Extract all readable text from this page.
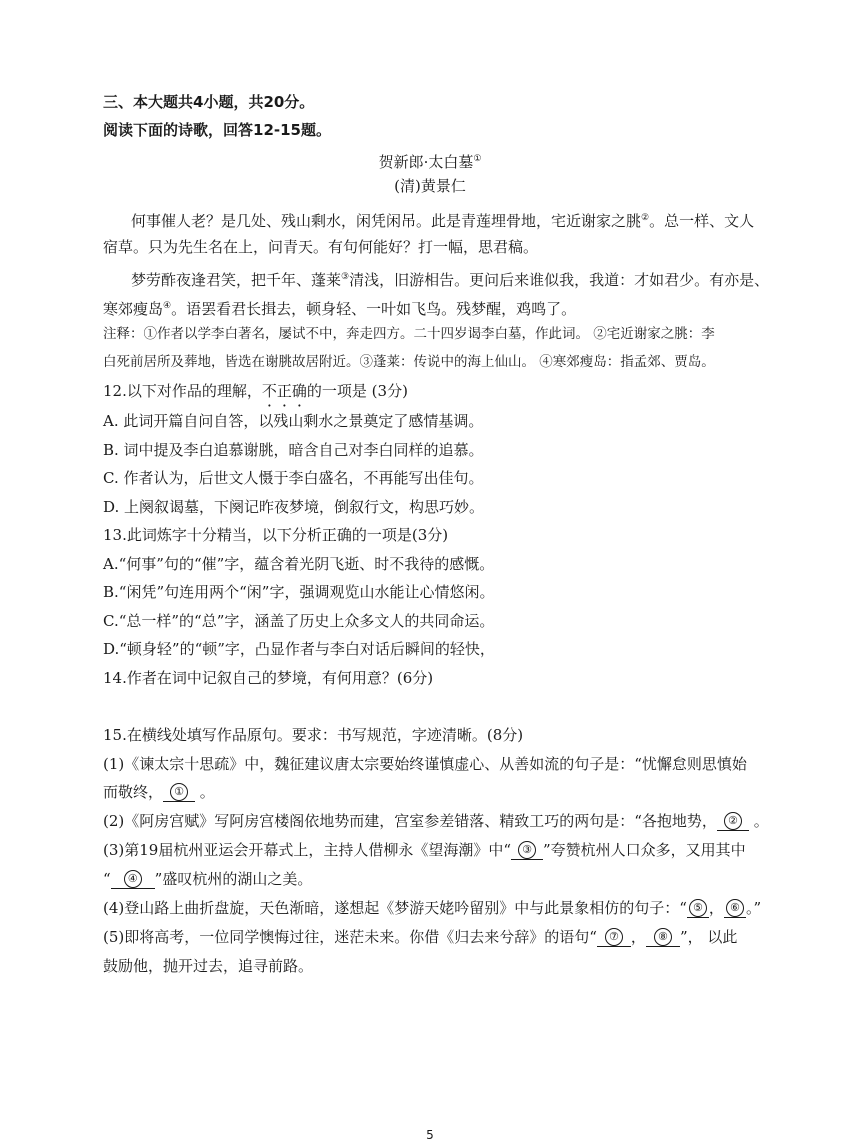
三、本大题共4小题，共20分。
阅读下面的诗歌，回答12-15题。
贺新郎·太白墓①
(清)黄景仁
何事催人老？是几处、残山剩水，闲凭闲吊。此是青莲埋骨地，宅近谢家之朓②。总一样、文人
宿草。只为先生名在上，问青天。有句何能好？打一幅，思君稿。
梦劳酢夜逢君笑，把千年、蓬莱③清浅，旧游相告。更问后来谁似我，我道：才如君少。有亦是、
寒郊瘦岛④。语罢看君长揖去，顿身轻、一叶如飞鸟。残梦醒，鸡鸣了。
注释：①作者以学李白著名，屡试不中，奔走四方。二十四岁谒李白墓，作此词。 ②宅近谢家之朓：李
白死前居所及葬地，皆选在谢朓故居附近。③蓬莱：传说中的海上仙山。 ④寒郊瘦岛：指孟郊、贾岛。
12.以下对作品的理解，不正确的一项是 (3分)
A. 此词开篇自问自答，以残山剩水之景奠定了感情基调。
B. 词中提及李白追慕谢朓，暗含自己对李白同样的追慕。
C. 作者认为，后世文人慑于李白盛名，不再能写出佳句。
D. 上阕叙谒墓，下阕记昨夜梦境，倒叙行文，构思巧妙。
13.此词炼字十分精当，以下分析正确的一项是(3分)
A.“何事”句的“催”字，蕴含着光阴飞逝、时不我待的感慨。
B.“闲凭”句连用两个“闲”字，强调观览山水能让心情悠闲。
C.“总一样”的“总”字，涵盖了历史上众多文人的共同命运。
D.“顿身轻”的“顿”字，凸显作者与李白对话后瞬间的轻快，
14.作者在词中记叙自己的梦境，有何用意？(6分)
15.在横线处填写作品原句。要求：书写规范，字迹清晰。(8分)
(1)《谏太宗十思疏》中，魏征建议唐太宗要始终谨慎虚心、从善如流的句子是：“忧懈怠则思慎始
而敬终， ① 。
(2)《阿房宫赋》写阿房宫楼阁依地势而建，宫室参差错落、精致工巧的两句是：“各抱地势， ② 。
(3)第19届杭州亚运会开幕式上，主持人借柳永《望海潮》中“ ③ ”夸赞杭州人口众多，又用其中
“ ④ ”盛叹杭州的湖山之美。
(4)登山路上曲折盘旋，天色渐暗，遂想起《梦游天姥吟留别》中与此景象相仿的句子：“ ⑤ ， ⑥ 。”
(5)即将高考，一位同学懊悔过往，迷茫未来。你借《归去来兮辞》的语句“ ⑦ ， ⑧ ”， 以此
鼓励他，抛开过去，追寻前路。
5
